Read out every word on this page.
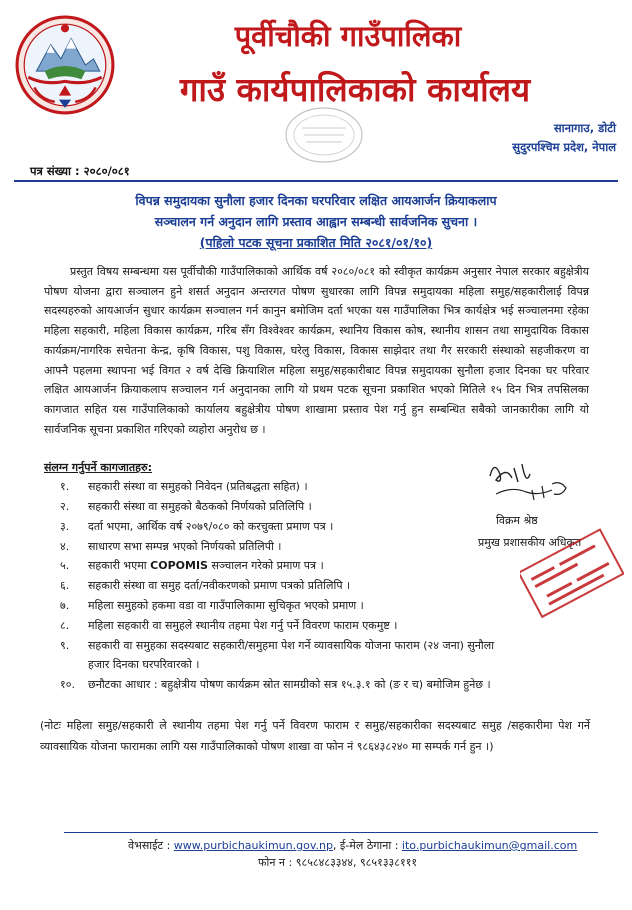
पूर्वीचौकी गाउँपालिका
गाउँ कार्यपालिकाको कार्यालय
सानागाउ, डोटी
सुदुरपश्चिम प्रदेश, नेपाल
पत्र संख्या : २०८०/०८१
विपन्न समुदायका सुनौला हजार दिनका घरपरिवार लक्षित आयआर्जन क्रियाकलाप
सञ्चालन गर्न अनुदान लागि प्रस्ताव आह्वान सम्बन्धी सार्वजनिक सुचना ।
(पहिलो पटक सूचना प्रकाशित मिति २०८१/०१/१०)
प्रस्तुत विषय सम्बन्धमा यस पूर्वीचौकी गाउँपालिकाको आर्थिक वर्ष २०८०/०८१ को स्वीकृत कार्यक्रम अनुसार नेपाल सरकार बहुक्षेत्रीय पोषण योजना द्वारा सञ्चालन हुने शसर्त अनुदान अन्तरगत पोषण सुधारका लागि विपन्न समुदायका महिला समुह/सहकारीलाई विपन्न सदस्यहरुको आयआर्जन सुधार कार्यक्रम सञ्चालन गर्न कानुन बमोजिम दर्ता भएका यस गाउँपालिका भित्र कार्यक्षेत्र भई सञ्चालनमा रहेका महिला सहकारी, महिला विकास कार्यक्रम, गरिब सँग विश्वेश्वर कार्यक्रम, स्थानिय विकास कोष, स्थानीय शासन तथा सामुदायिक विकास कार्यक्रम/नागरिक सचेतना केन्द्र, कृषि विकास, पशु विकास, घरेलु विकास, विकास साझेदार तथा गैर सरकारी संस्थाको सहजीकरण वा आफ्नै पहलमा स्थापना भई विगत २ वर्ष देखि क्रियाशिल महिला समुह/सहकारीबाट विपन्न समुदायका सुनौला हजार दिनका घर परिवार लक्षित आयआर्जन क्रियाकलाप सञ्चालन गर्न अनुदानका लागि यो प्रथम पटक सूचना प्रकाशित भएको मितिले १५ दिन भित्र तपसिलका कागजात सहित यस गाउँपालिकाको कार्यालय बहुक्षेत्रीय पोषण शाखामा प्रस्ताव पेश गर्नु हुन सम्बन्धित सबैको जानकारीका लागि यो सार्वजनिक सूचना प्रकाशित गरिएको व्यहोरा अनुरोध छ ।
संलग्न गर्नुपर्ने कागजातहरु:
१. सहकारी संस्था वा समुहको निवेदन (प्रतिबद्धता सहित) ।
२. सहकारी संस्था वा समुहको बैठकको निर्णयको प्रतिलिपि ।
३. दर्ता भएमा, आर्थिक वर्ष २०७९/०८० को करचुक्ता प्रमाण पत्र ।
४. साधारण सभा सम्पन्न भएको निर्णयको प्रतिलिपी ।
५. सहकारी भएमा COPOMIS सञ्चालन गरेको प्रमाण पत्र ।
६. सहकारी संस्था वा समुह दर्ता/नवीकरणको प्रमाण पत्रको प्रतिलिपि ।
७. महिला समुहको हकमा वडा वा गाउँपालिकामा सुचिकृत भएको प्रमाण ।
८. महिला सहकारी वा समुहले स्थानीय तहमा पेश गर्नु पर्ने विवरण फाराम एकमुष्ट ।
९. सहकारी वा समुहका सदस्यबाट सहकारी/समुहमा पेश गर्ने व्यावसायिक योजना फाराम (२४ जना) सुनौला
हजार दिनका घरपरिवारको ।
१०. छनौटका आधार : बहुक्षेत्रीय पोषण कार्यक्रम स्रोत सामग्रीको सत्र १५.३.१ को (ङ र च) बमोजिम हुनेछ ।
विक्रम श्रेष्ठ
प्रमुख प्रशासकीय अधिकृत
(नोटः महिला समुह/सहकारी ले स्थानीय तहमा पेश गर्नु पर्ने विवरण फाराम र समुह/सहकारीका सदस्यबाट समुह /सहकारीमा पेश गर्ने व्यावसायिक योजना फारामका लागि यस गाउँपालिकाको पोषण शाखा वा फोन नं ९८६४३८२४० मा सम्पर्क गर्न हुन ।)
वेभसाईट : www.purbichaukimun.gov.np, ई-मेल ठेगाना : ito.purbichaukimun@gmail.com
फोन न : ९८५८४८३३४४, ९८५१३३८१११
